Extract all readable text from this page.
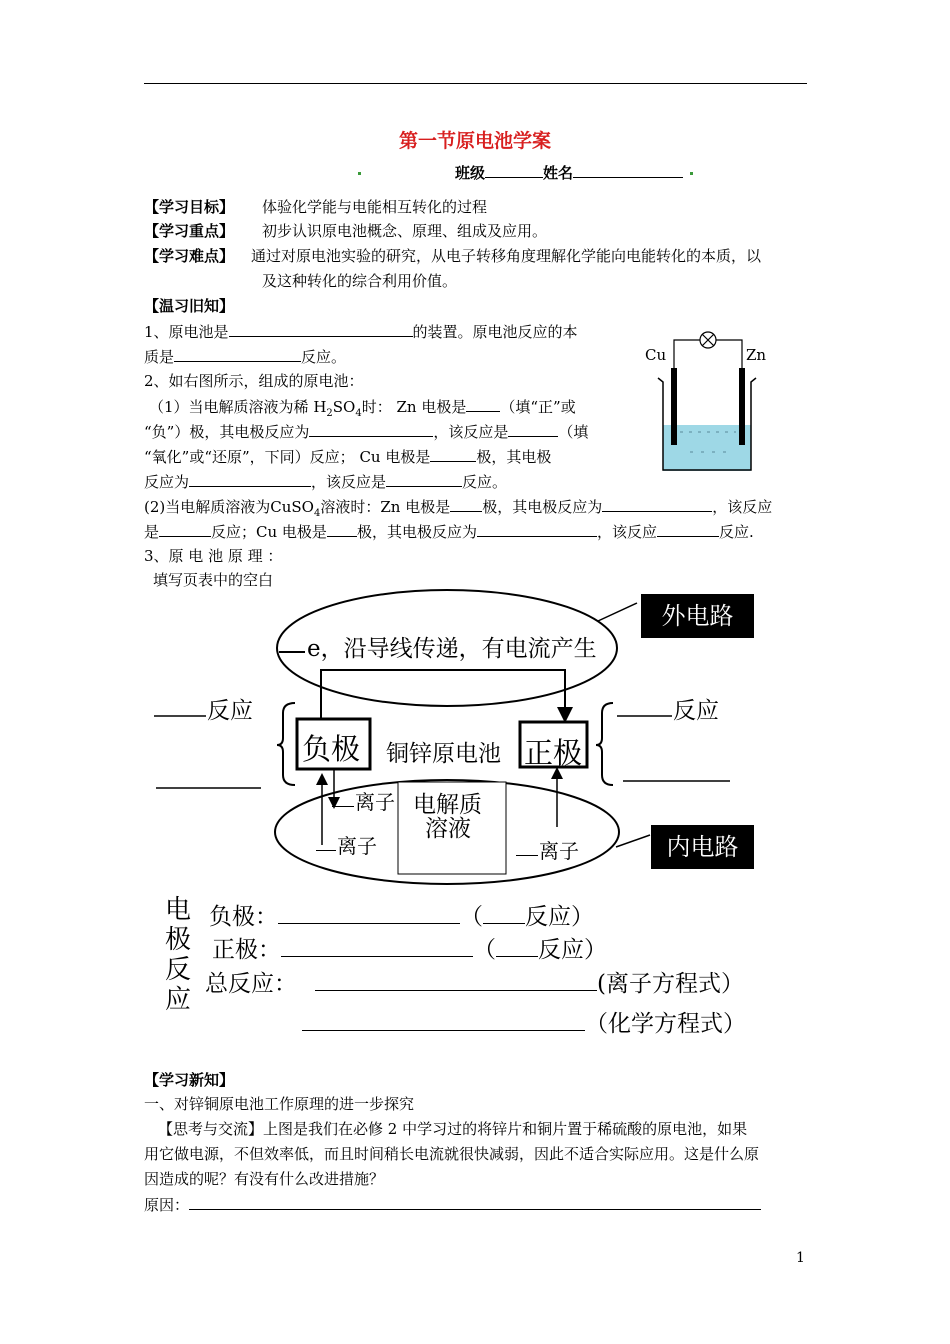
第一节原电池学案
班级	姓名
【学习目标】 体验化学能与电能相互转化的过程
【学习重点】 初步认识原电池概念、原理、组成及应用。
【学习难点】 通过对原电池实验的研究，从电子转移角度理解化学能向电能转化的本质，以
及这种转化的综合利用价值。
【温习旧知】
1、原电池是	的装置。原电池反应的本
质是	反应。
2、如右图所示，组成的原电池：
（1）当电解质溶液为稀 $H_2SO_4$时： Zn 电极是 （填“正”或
“负”）极，其电极反应为	，该反应是	（填
“氧化”或“还原”，下同）反应； Cu 电极是	极，其电极
反应为	，该反应是	反应。
(2)当电解质溶液为CuSO$_4$溶液时：Zn 电极是 极，其电极反应为	，该反应
是	反应；Cu 电极是 极，其电极反应为	，该反应	反应.
3、原 电 池 原 理 ：
填写页表中的空白
Cu	Zn
外电路
内电路
e，沿导线传递，有电流产生
反应	反应
负极	正极
铜锌原电池
离子
离子	离子
电解质
溶液
电
极
反
应
负极：	（ 反应）
正极：	（ 反应）
总反应：	(离子方程式）
（化学方程式）
【学习新知】
一、对锌铜原电池工作原理的进一步探究
【思考与交流】上图是我们在必修 2 中学习过的将锌片和铜片置于稀硫酸的原电池，如果
用它做电源，不但效率低，而且时间稍长电流就很快减弱，因此不适合实际应用。这是什么原
因造成的呢？有没有什么改进措施？
原因：
1
